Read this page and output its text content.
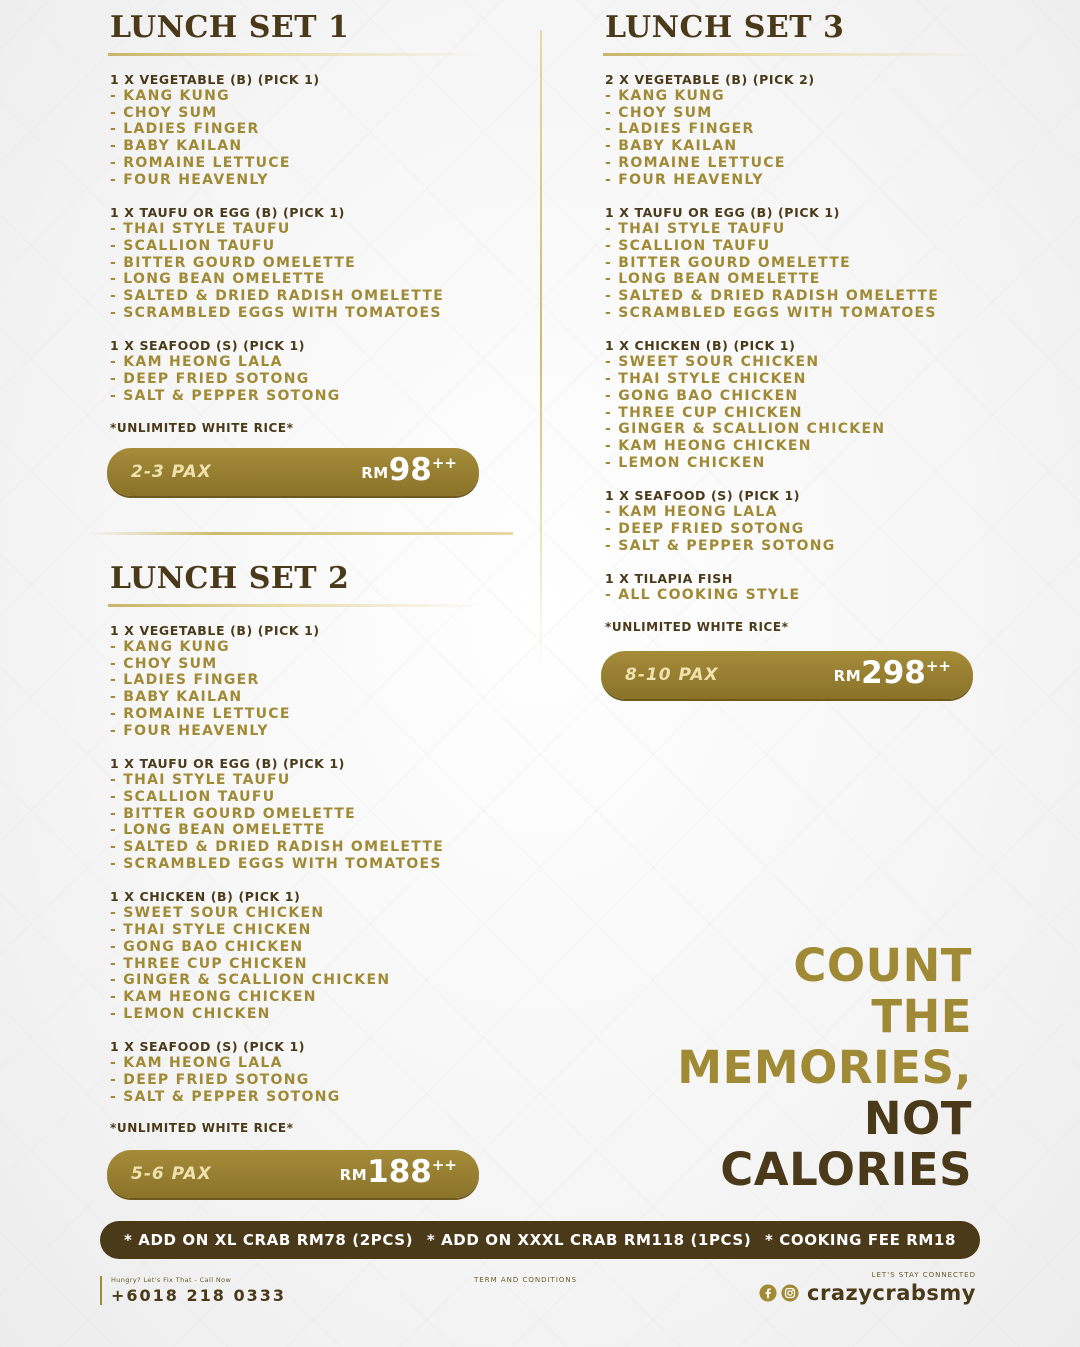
LUNCH SET 1
1 X VEGETABLE (B) (PICK 1)
- KANG KUNG
- CHOY SUM
- LADIES FINGER
- BABY KAILAN
- ROMAINE LETTUCE
- FOUR HEAVENLY
1 X TAUFU OR EGG (B) (PICK 1)
- THAI STYLE TAUFU
- SCALLION TAUFU
- BITTER GOURD OMELETTE
- LONG BEAN OMELETTE
- SALTED & DRIED RADISH OMELETTE
- SCRAMBLED EGGS WITH TOMATOES
1 X SEAFOOD (S) (PICK 1)
- KAM HEONG LALA
- DEEP FRIED SOTONG
- SALT & PEPPER SOTONG
*UNLIMITED WHITE RICE*
2-3 PAX	RM98++
LUNCH SET 2
1 X VEGETABLE (B) (PICK 1)
- KANG KUNG
- CHOY SUM
- LADIES FINGER
- BABY KAILAN
- ROMAINE LETTUCE
- FOUR HEAVENLY
1 X TAUFU OR EGG (B) (PICK 1)
- THAI STYLE TAUFU
- SCALLION TAUFU
- BITTER GOURD OMELETTE
- LONG BEAN OMELETTE
- SALTED & DRIED RADISH OMELETTE
- SCRAMBLED EGGS WITH TOMATOES
1 X CHICKEN (B) (PICK 1)
- SWEET SOUR CHICKEN
- THAI STYLE CHICKEN
- GONG BAO CHICKEN
- THREE CUP CHICKEN
- GINGER & SCALLION CHICKEN
- KAM HEONG CHICKEN
- LEMON CHICKEN
1 X SEAFOOD (S) (PICK 1)
- KAM HEONG LALA
- DEEP FRIED SOTONG
- SALT & PEPPER SOTONG
*UNLIMITED WHITE RICE*
5-6 PAX	RM188++
LUNCH SET 3
2 X VEGETABLE (B) (PICK 2)
- KANG KUNG
- CHOY SUM
- LADIES FINGER
- BABY KAILAN
- ROMAINE LETTUCE
- FOUR HEAVENLY
1 X TAUFU OR EGG (B) (PICK 1)
- THAI STYLE TAUFU
- SCALLION TAUFU
- BITTER GOURD OMELETTE
- LONG BEAN OMELETTE
- SALTED & DRIED RADISH OMELETTE
- SCRAMBLED EGGS WITH TOMATOES
1 X CHICKEN (B) (PICK 1)
- SWEET SOUR CHICKEN
- THAI STYLE CHICKEN
- GONG BAO CHICKEN
- THREE CUP CHICKEN
- GINGER & SCALLION CHICKEN
- KAM HEONG CHICKEN
- LEMON CHICKEN
1 X SEAFOOD (S) (PICK 1)
- KAM HEONG LALA
- DEEP FRIED SOTONG
- SALT & PEPPER SOTONG
1 X TILAPIA FISH
- ALL COOKING STYLE
*UNLIMITED WHITE RICE*
8-10 PAX	RM298++
COUNT
THE
MEMORIES,
NOT
CALORIES
* ADD ON XL CRAB RM78 (2PCS) * ADD ON XXXL CRAB RM118 (1PCS) * COOKING FEE RM18
Hungry? Let's Fix That - Call Now
+6018 218 0333
TERM AND CONDITIONS
LET'S STAY CONNECTED
crazycrabsmy
